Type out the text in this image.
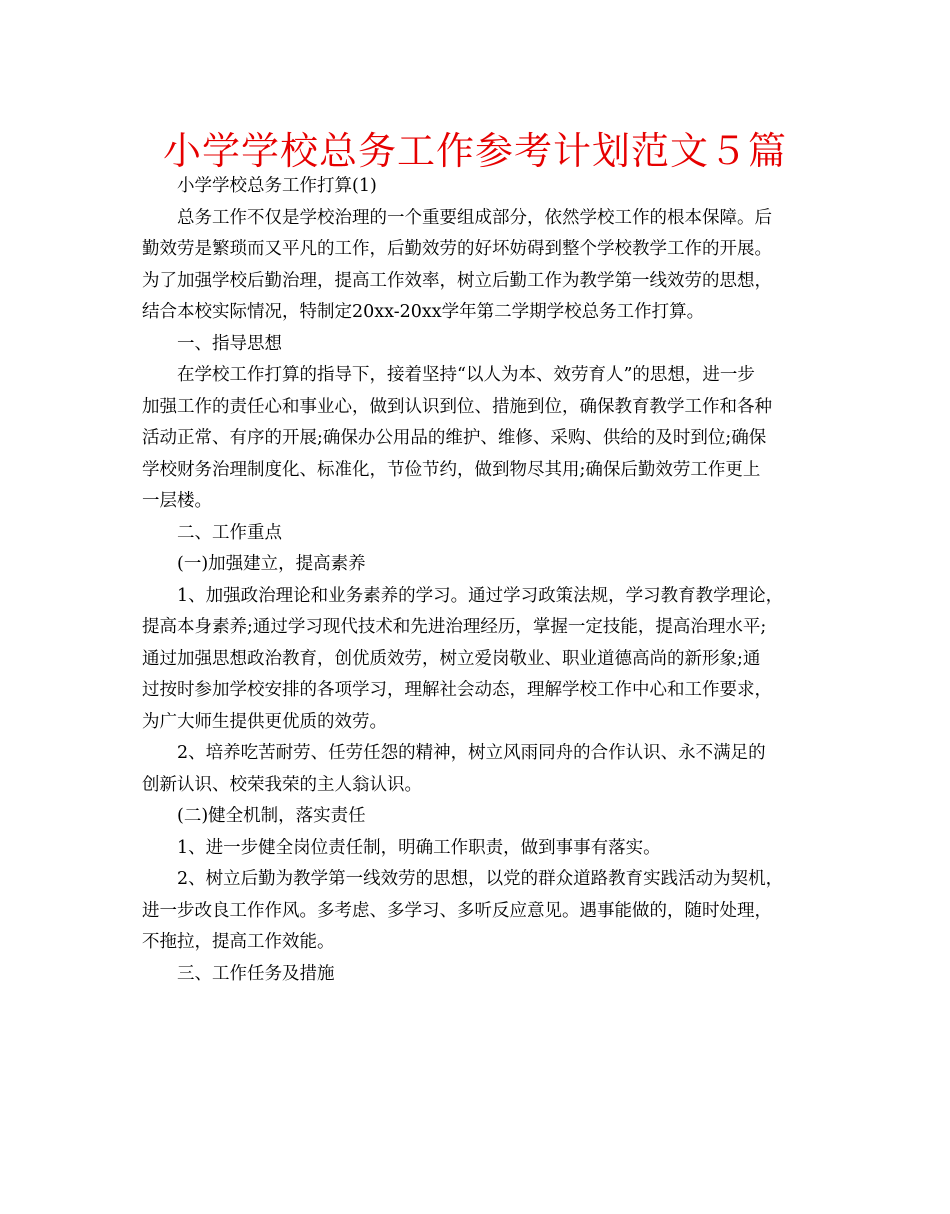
小学学校总务工作参考计划范文５篇

小学学校总务工作打算(1)

总务工作不仅是学校治理的一个重要组成部分，依然学校工作的根本保障。后

勤效劳是繁琐而又平凡的工作，后勤效劳的好坏妨碍到整个学校教学工作的开展。

为了加强学校后勤治理，提高工作效率，树立后勤工作为教学第一线效劳的思想，

结合本校实际情况，特制定20xx-20xx学年第二学期学校总务工作打算。

一、指导思想

在学校工作打算的指导下，接着坚持“以人为本、效劳育人”的思想，进一步

加强工作的责任心和事业心，做到认识到位、措施到位，确保教育教学工作和各种

活动正常、有序的开展;确保办公用品的维护、维修、采购、供给的及时到位;确保

学校财务治理制度化、标准化，节俭节约，做到物尽其用;确保后勤效劳工作更上

一层楼。

二、工作重点

(一)加强建立，提高素养

1、加强政治理论和业务素养的学习。通过学习政策法规，学习教育教学理论，

提高本身素养;通过学习现代技术和先进治理经历，掌握一定技能，提高治理水平;

通过加强思想政治教育，创优质效劳，树立爱岗敬业、职业道德高尚的新形象;通

过按时参加学校安排的各项学习，理解社会动态，理解学校工作中心和工作要求，

为广大师生提供更优质的效劳。

2、培养吃苦耐劳、任劳任怨的精神，树立风雨同舟的合作认识、永不满足的

创新认识、校荣我荣的主人翁认识。

(二)健全机制，落实责任

1、进一步健全岗位责任制，明确工作职责，做到事事有落实。

2、树立后勤为教学第一线效劳的思想，以党的群众道路教育实践活动为契机，

进一步改良工作作风。多考虑、多学习、多听反应意见。遇事能做的，随时处理，

不拖拉，提高工作效能。

三、工作任务及措施
